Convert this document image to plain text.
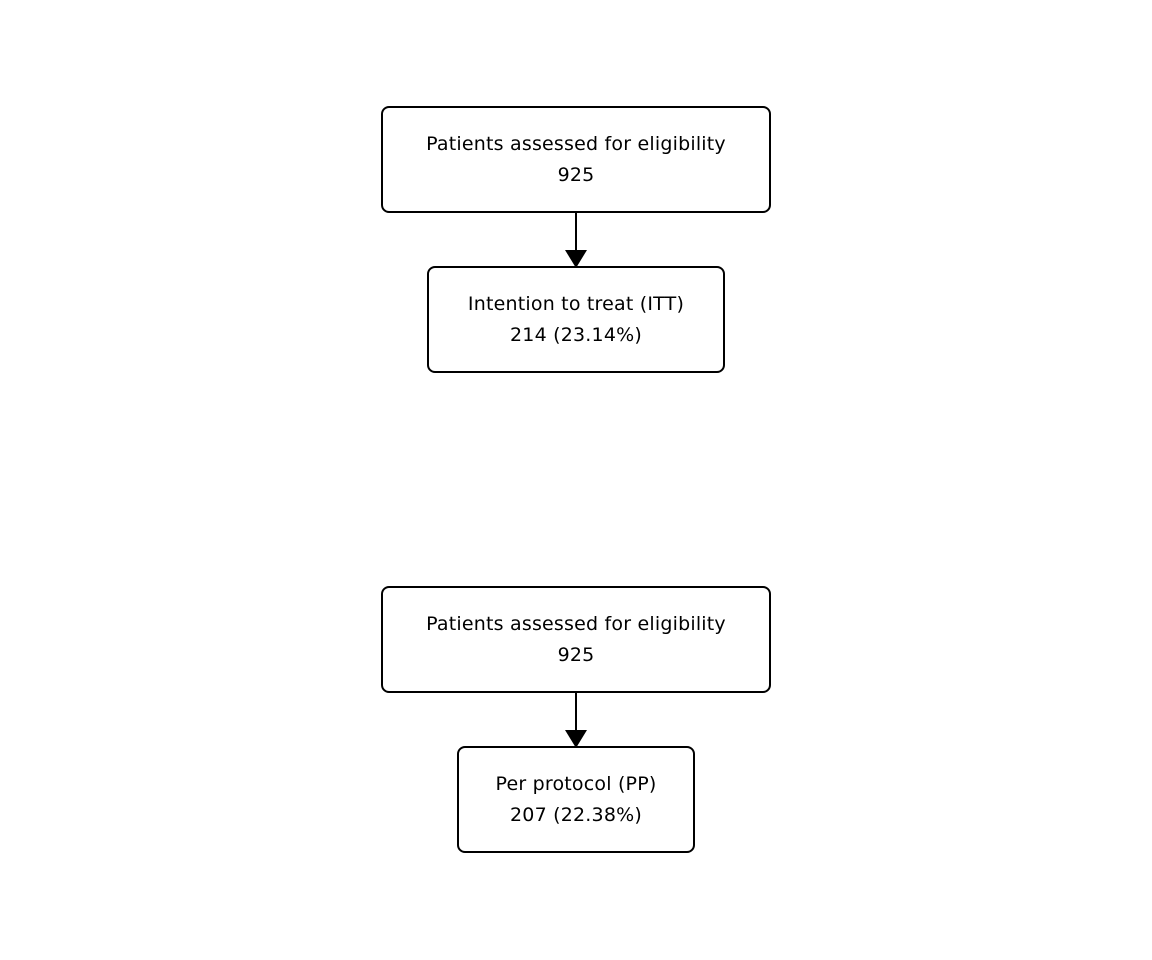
Patients assessed for eligibility
925
Intention to treat (ITT)
214 (23.14%)
Patients assessed for eligibility
925
Per protocol (PP)
207 (22.38%)
